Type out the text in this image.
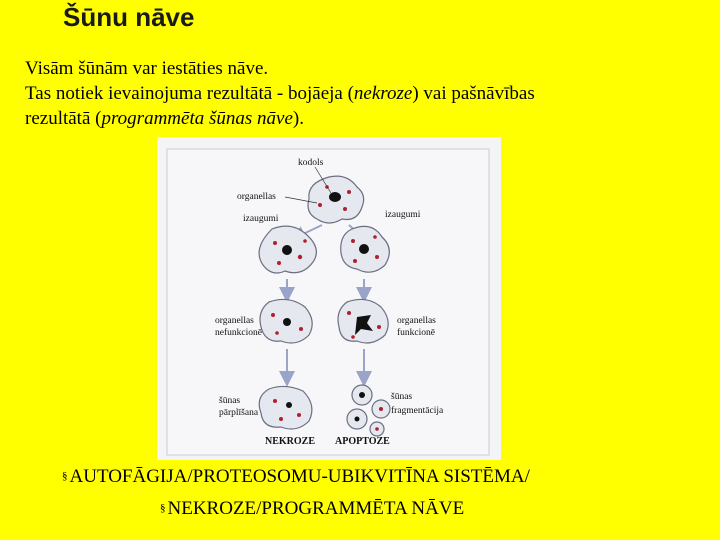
Šūnu nāve

Visām šūnām var iestāties nāve.

Tas notiek ievainojuma rezultātā - bojāeja (nekroze) vai pašnāvības

rezultātā (programmēta šūnas nāve).

kodols
organellas
izaugumi	izaugumi
organellas
nefunkcionē
organellas
funkcionē
šūnas
pārplīšana
šūnas
fragmentācija
NEKROZE APOPTOZE
§ AUTOFĀGIJA/PROTEOSOMU-UBIKVITĪNA SISTĒMA/
§ NEKROZE/PROGRAMMĒTA NĀVE
